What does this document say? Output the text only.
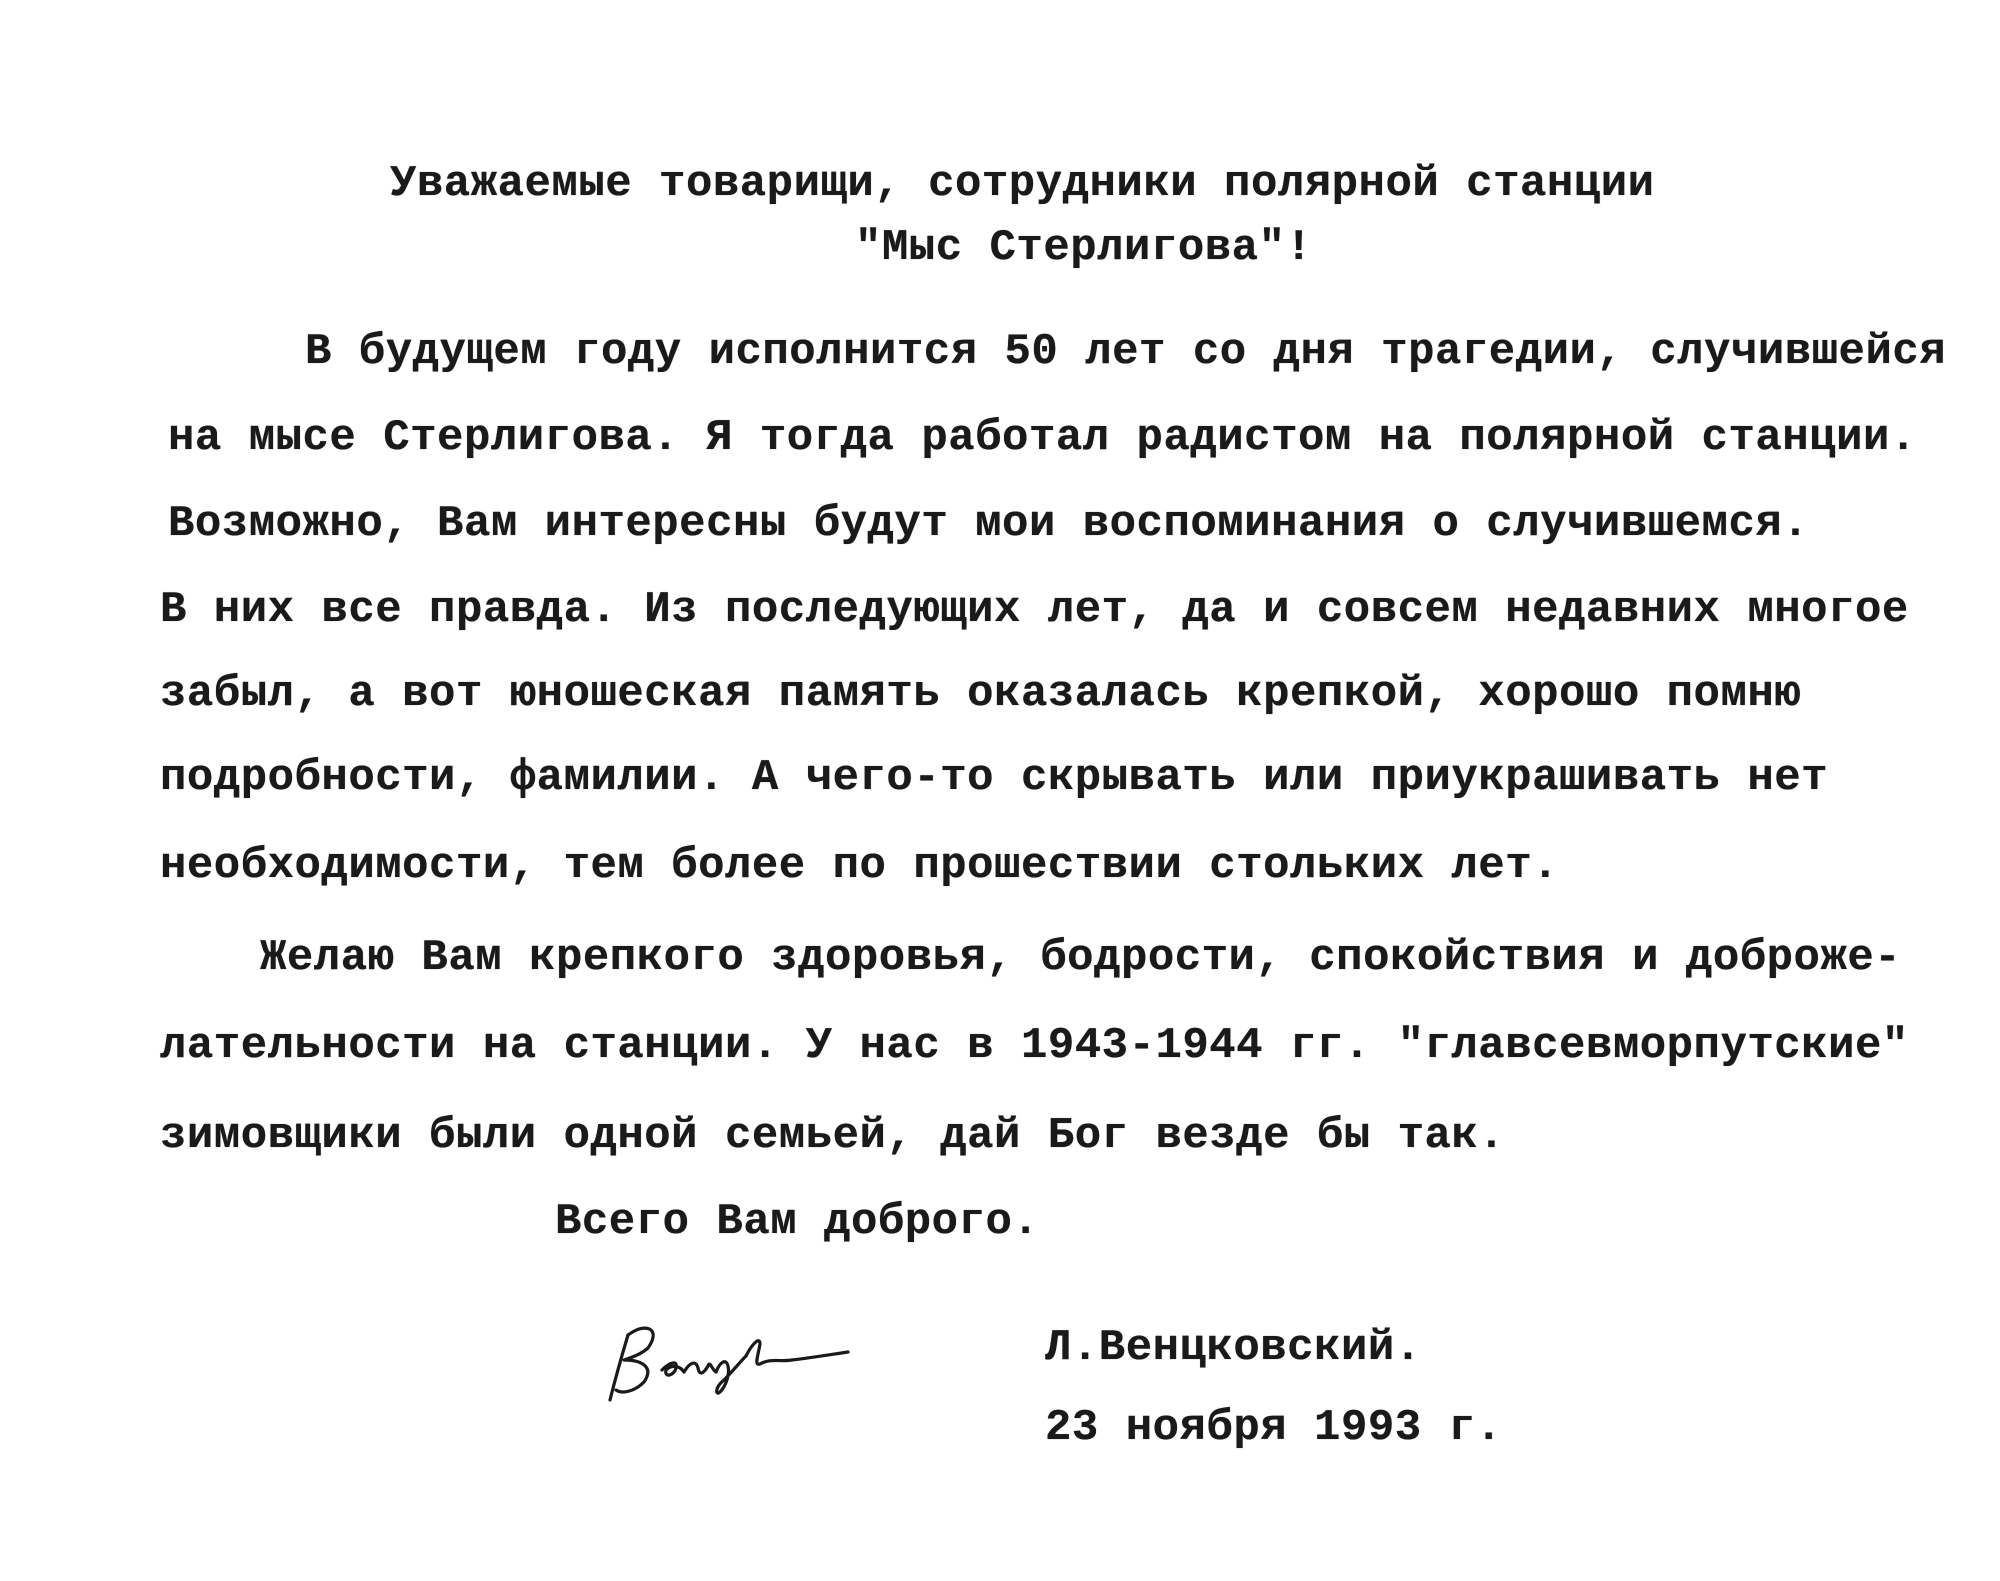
Уважаемые товарищи, сотрудники полярной станции
"Мыс Стерлигова"!
В будущем году исполнится 50 лет со дня трагедии, случившейся
на мысе Стерлигова. Я тогда работал радистом на полярной станции.
Возможно, Вам интересны будут мои воспоминания о случившемся.
В них все правда. Из последующих лет, да и совсем недавних многое
забыл, а вот юношеская память оказалась крепкой, хорошо помню
подробности, фамилии. А чего-то скрывать или приукрашивать нет
необходимости, тем более по прошествии стольких лет.
Желаю Вам крепкого здоровья, бодрости, спокойствия и доброже-
лательности на станции. У нас в 1943-1944 гг. "главсевморпутские"
зимовщики были одной семьей, дай Бог везде бы так.
Всего Вам доброго.
Л.Венцковский.
23 ноября 1993 г.
